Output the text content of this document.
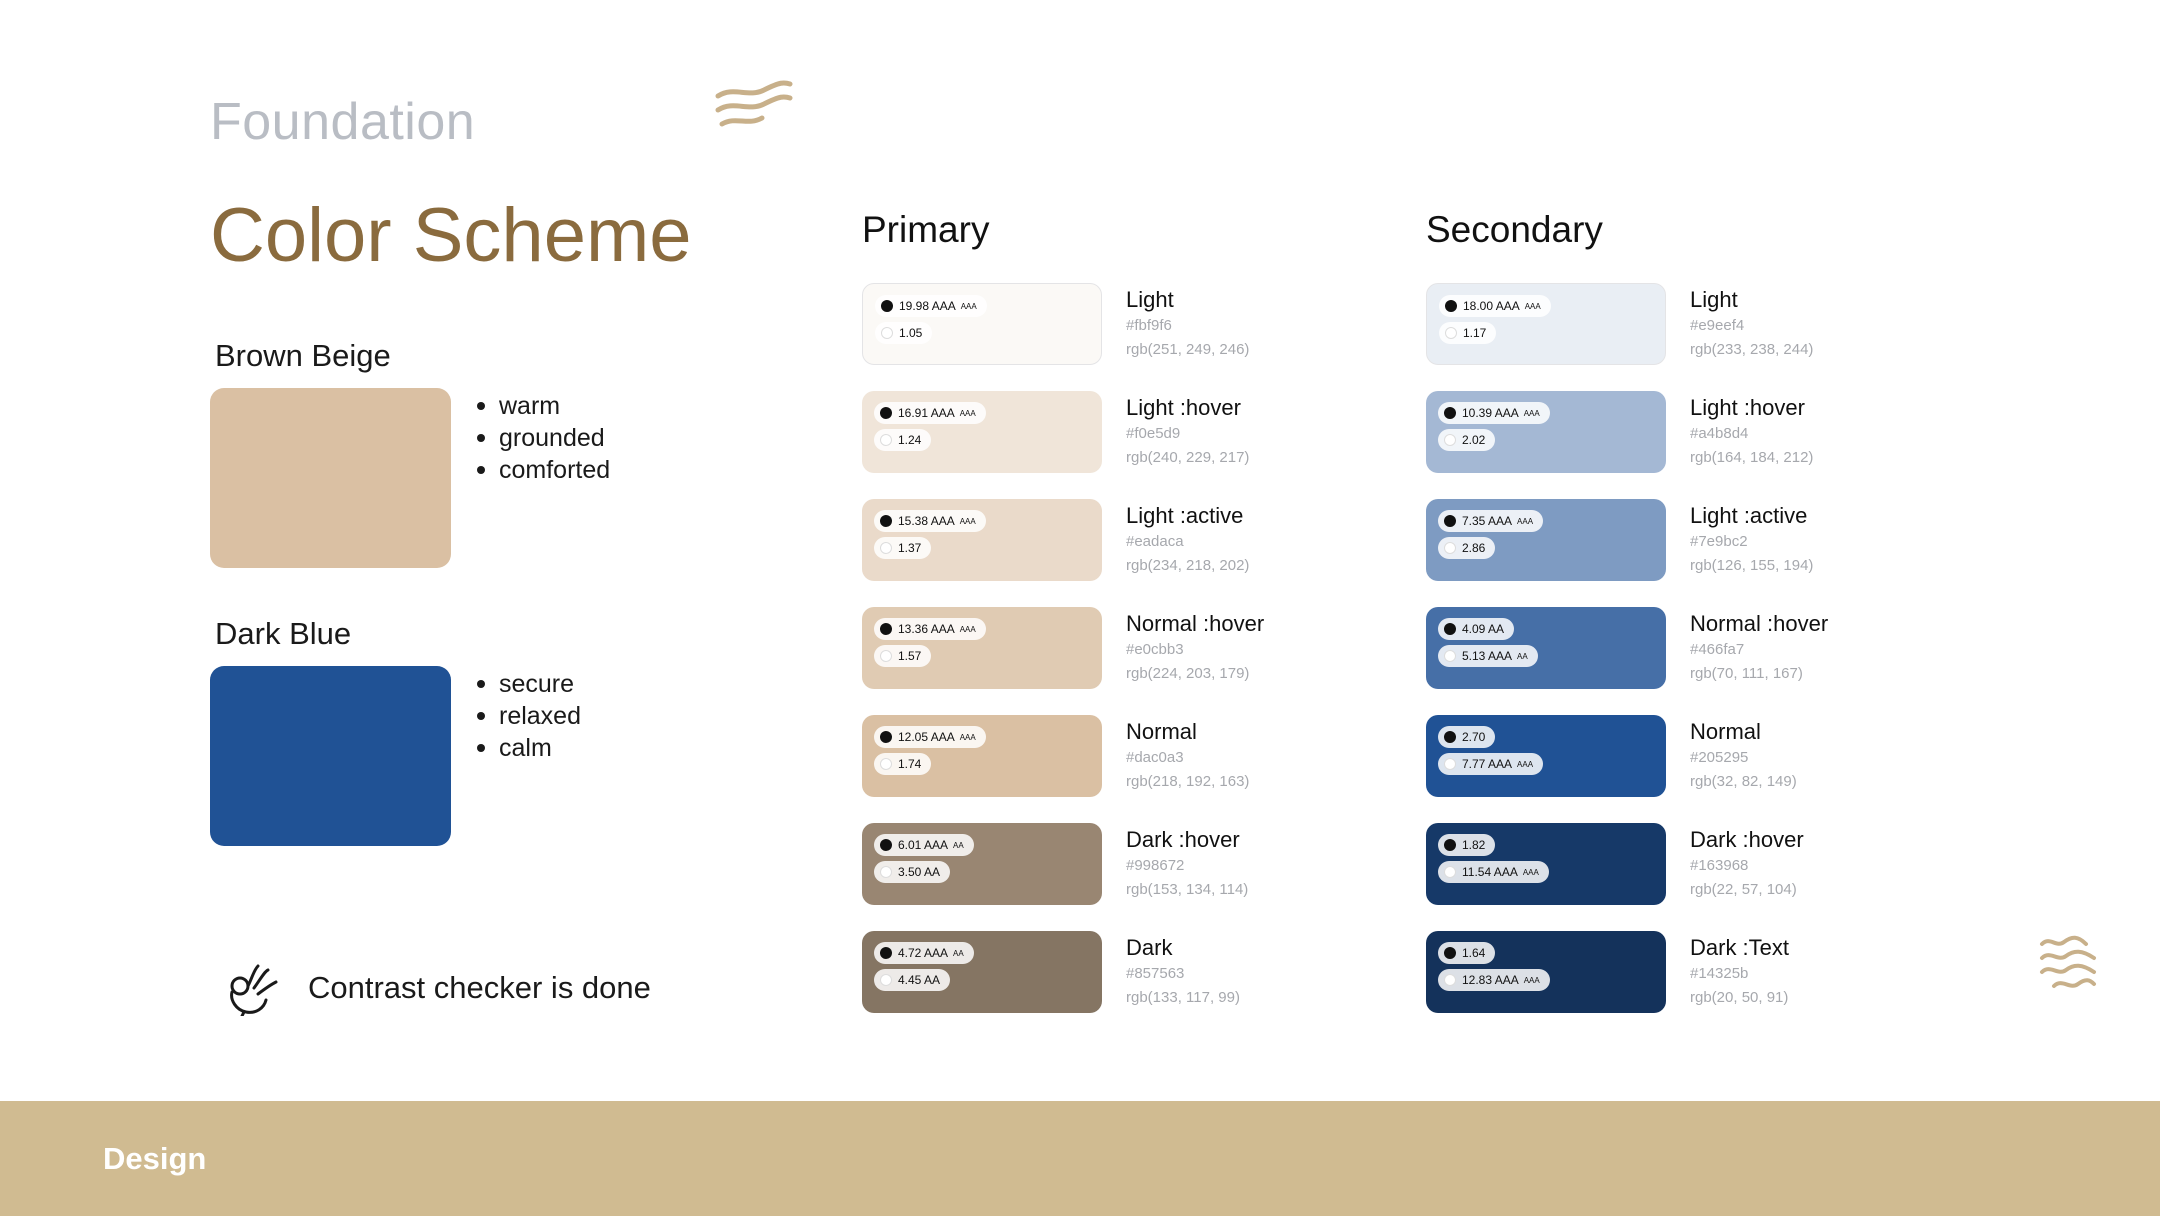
Foundation
Color Scheme
Brown Beige
warm
grounded
comforted
Dark Blue
secure
relaxed
calm
Contrast checker is done
Primary
19.98 AAA AAA
1.05
Light
#fbf9f6
rgb(251, 249, 246)
16.91 AAA AAA
1.24
Light :hover
#f0e5d9
rgb(240, 229, 217)
15.38 AAA AAA
1.37
Light :active
#eadaca
rgb(234, 218, 202)
13.36 AAA AAA
1.57
Normal :hover
#e0cbb3
rgb(224, 203, 179)
12.05 AAA AAA
1.74
Normal
#dac0a3
rgb(218, 192, 163)
6.01 AAA AA
3.50 AA
Dark :hover
#998672
rgb(153, 134, 114)
4.72 AAA AA
4.45 AA
Dark
#857563
rgb(133, 117, 99)
Secondary
18.00 AAA AAA
1.17
Light
#e9eef4
rgb(233, 238, 244)
10.39 AAA AAA
2.02
Light :hover
#a4b8d4
rgb(164, 184, 212)
7.35 AAA AAA
2.86
Light :active
#7e9bc2
rgb(126, 155, 194)
4.09 AA
5.13 AAA AA
Normal :hover
#466fa7
rgb(70, 111, 167)
2.70
7.77 AAA AAA
Normal
#205295
rgb(32, 82, 149)
1.82
11.54 AAA AAA
Dark :hover
#163968
rgb(22, 57, 104)
1.64
12.83 AAA AAA
Dark :Text
#14325b
rgb(20, 50, 91)
Design
